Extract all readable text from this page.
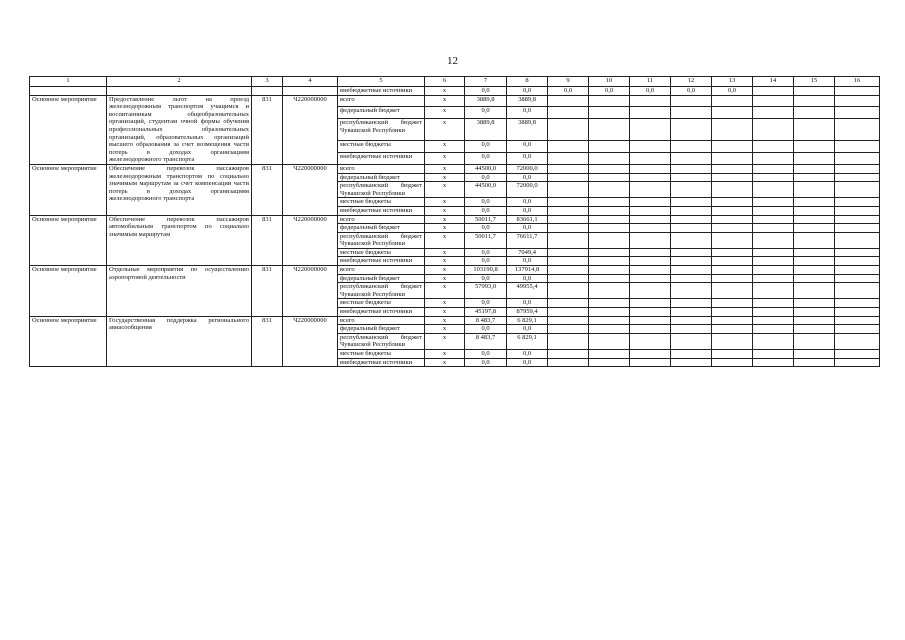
12
1	2	3	4	5	6	7	8	9	10	11	12	13	14	15	16
				внебюджетные источники	х	0,0	0,0	0,0	0,0	0,0	0,0	0,0			
Основное мероприятие	Предоставление льгот на проезд железнодорожным транспортом учащимся и воспитанникам общеобразовательных организаций, студентам очной формы обучения профессиональных образовательных организаций, образовательных организаций высшего образования за счет возмещения части потерь в доходах организациям железнодорожного транспорта	831	Ч220000000	всего	х	3889,8	3889,8								
				федеральный бюджет	х	0,0	0,0								
				республиканский бюджет Чувашской Республики	х	3889,8	3889,8								
				местные бюджеты	х	0,0	0,0								
				внебюджетные источники	х	0,0	0,0								
Основное мероприятие	Обеспечение перевозок пассажиров железнодорожным транспортом по социально значимым маршрутам за счет компенсации части потерь в доходах организациям железнодорожного транспорта	831	Ч220000000	всего	х	44500,0	72000,0								
				федеральный бюджет	х	0,0	0,0								
				республиканский бюджет Чувашской Республики	х	44500,0	72000,0								
				местные бюджеты	х	0,0	0,0								
				внебюджетные источники	х	0,0	0,0								
Основное мероприятие	Обеспечение перевозок пассажиров автомобильным транспортом по социально значимым маршрутам	831	Ч220000000	всего	х	50011,7	83661,1								
				федеральный бюджет	х	0,0	0,0								
				республиканский бюджет Чувашской Республики	х	50011,7	76611,7								
				местные бюджеты	х	0,0	7049,4								
				внебюджетные источники	х	0,0	0,0								
Основное мероприятие	Отдельные мероприятия по осуществлению аэропортовой деятельности	831	Ч220000000	всего	х	103190,8	137914,8								
				федеральный бюджет	х	0,0	0,0								
				республиканский бюджет Чувашской Республики	х	57993,0	49955,4								
				местные бюджеты	х	0,0	0,0								
				внебюджетные источники	х	45197,8	87959,4								
Основное мероприятие	Государственная поддержка регионального авиасообщения	831	Ч220000000	всего	х	8 483,7	6 829,1								
				федеральный бюджет	х	0,0	0,0								
				республиканский бюджет Чувашской Республики	х	8 483,7	6 829,1								
				местные бюджеты	х	0,0	0,0								
				внебюджетные источники	х	0,0	0,0								
